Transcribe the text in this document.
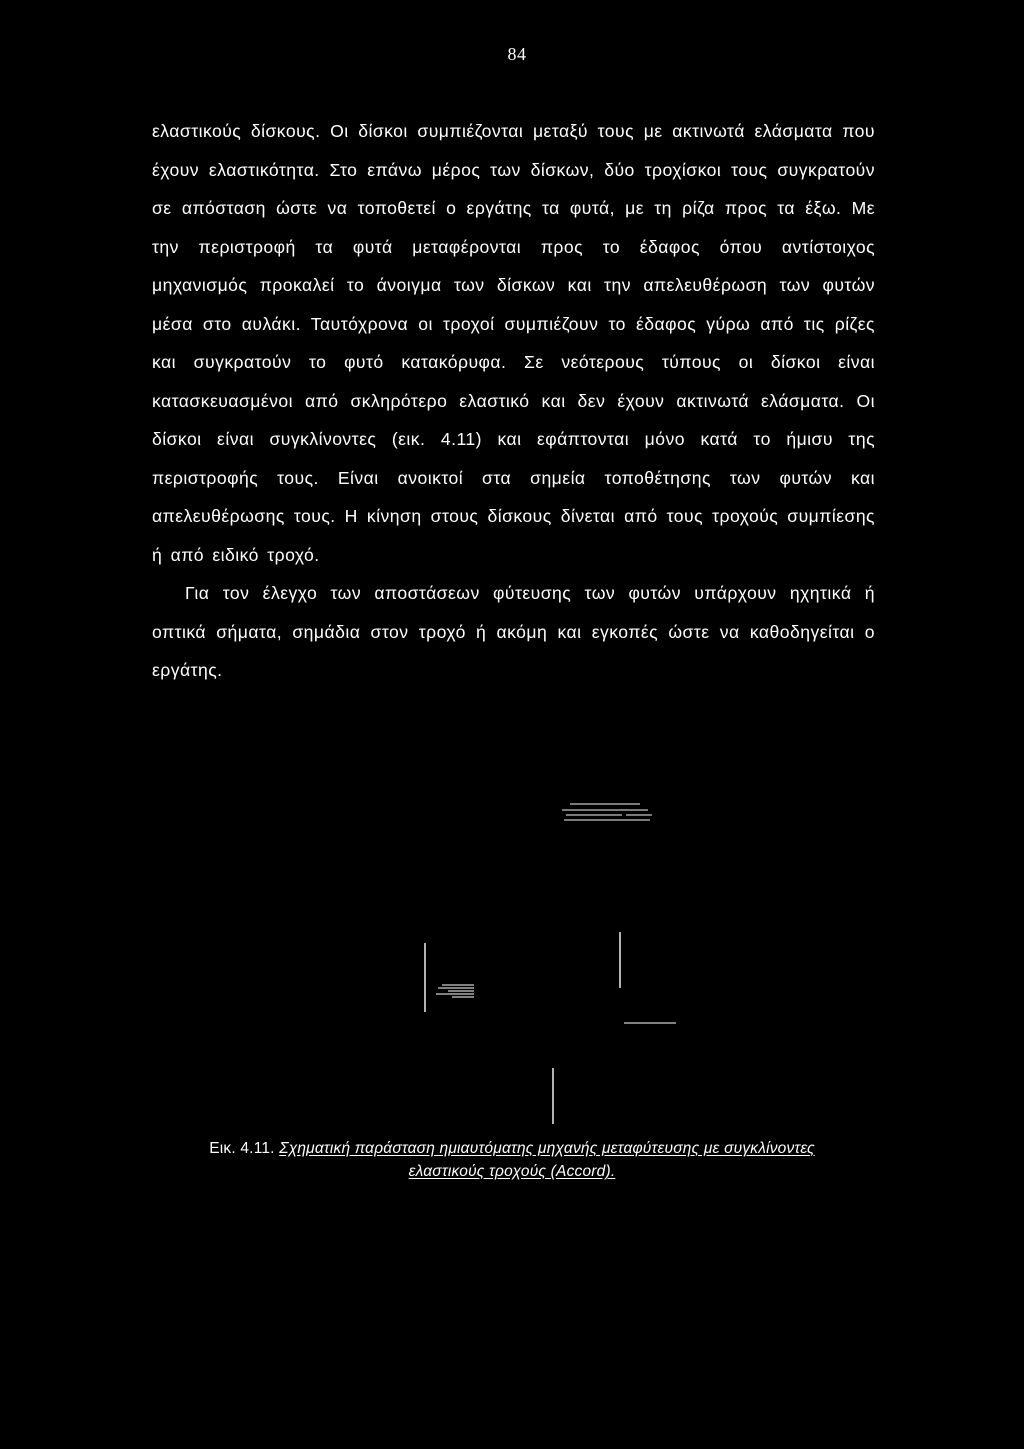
84

ελαστικούς δίσκους. Οι δίσκοι συμπιέζονται μεταξύ τους με ακτινωτά ελάσματα που έχουν ελαστικότητα. Στο επάνω μέρος των δίσκων, δύο τροχίσκοι τους συγκρατούν σε απόσταση ώστε να τοποθετεί ο εργάτης τα φυτά, με τη ρίζα προς τα έξω. Με την περιστροφή τα φυτά μεταφέρονται προς το έδαφος όπου αντίστοιχος μηχανισμός προκαλεί το άνοιγμα των δίσκων και την απελευθέρωση των φυτών μέσα στο αυλάκι. Ταυτόχρονα οι τροχοί συμπιέζουν το έδαφος γύρω από τις ρίζες και συγκρατούν το φυτό κατακόρυφα. Σε νεότερους τύπους οι δίσκοι είναι κατασκευασμένοι από σκληρότερο ελαστικό και δεν έχουν ακτινωτά ελάσματα. Οι δίσκοι είναι συγκλίνοντες (εικ. 4.11) και εφάπτονται μόνο κατά το ήμισυ της περιστροφής τους. Είναι ανοικτοί στα σημεία τοποθέτησης των φυτών και απελευθέρωσης τους. Η κίνηση στους δίσκους δίνεται από τους τροχούς συμπίεσης ή από ειδικό τροχό.

Για τον έλεγχο των αποστάσεων φύτευσης των φυτών υπάρχουν ηχητικά ή οπτικά σήματα, σημάδια στον τροχό ή ακόμη και εγκοπές ώστε να καθοδηγείται ο εργάτης.

Εικ. 4.11. Σχηματική παράσταση ημιαυτόματης μηχανής μεταφύτευσης με συγκλίνοντες
ελαστικούς τροχούς (Accord).
